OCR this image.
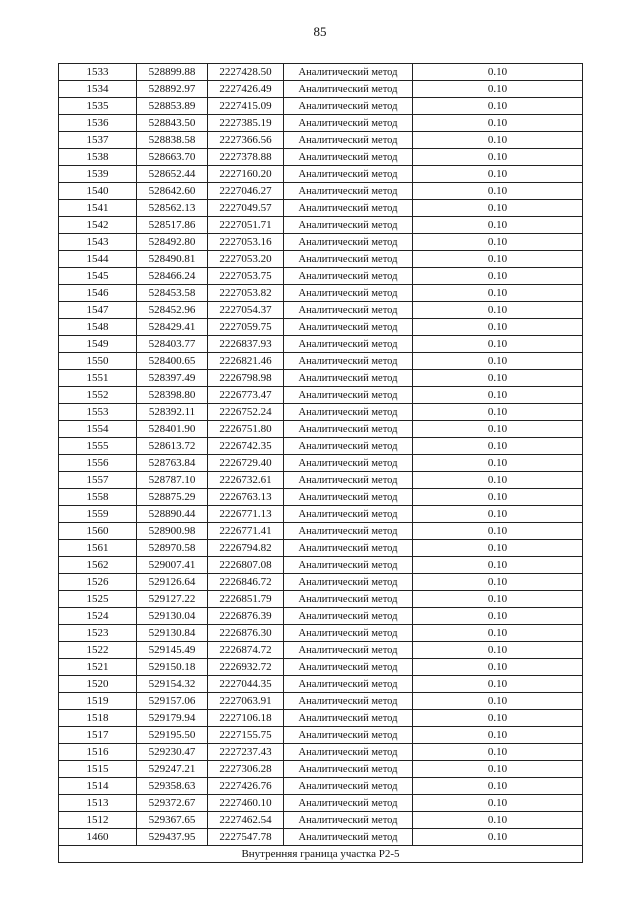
85
1533	528899.88	2227428.50	Аналитический метод	0.10
1534	528892.97	2227426.49	Аналитический метод	0.10
1535	528853.89	2227415.09	Аналитический метод	0.10
1536	528843.50	2227385.19	Аналитический метод	0.10
1537	528838.58	2227366.56	Аналитический метод	0.10
1538	528663.70	2227378.88	Аналитический метод	0.10
1539	528652.44	2227160.20	Аналитический метод	0.10
1540	528642.60	2227046.27	Аналитический метод	0.10
1541	528562.13	2227049.57	Аналитический метод	0.10
1542	528517.86	2227051.71	Аналитический метод	0.10
1543	528492.80	2227053.16	Аналитический метод	0.10
1544	528490.81	2227053.20	Аналитический метод	0.10
1545	528466.24	2227053.75	Аналитический метод	0.10
1546	528453.58	2227053.82	Аналитический метод	0.10
1547	528452.96	2227054.37	Аналитический метод	0.10
1548	528429.41	2227059.75	Аналитический метод	0.10
1549	528403.77	2226837.93	Аналитический метод	0.10
1550	528400.65	2226821.46	Аналитический метод	0.10
1551	528397.49	2226798.98	Аналитический метод	0.10
1552	528398.80	2226773.47	Аналитический метод	0.10
1553	528392.11	2226752.24	Аналитический метод	0.10
1554	528401.90	2226751.80	Аналитический метод	0.10
1555	528613.72	2226742.35	Аналитический метод	0.10
1556	528763.84	2226729.40	Аналитический метод	0.10
1557	528787.10	2226732.61	Аналитический метод	0.10
1558	528875.29	2226763.13	Аналитический метод	0.10
1559	528890.44	2226771.13	Аналитический метод	0.10
1560	528900.98	2226771.41	Аналитический метод	0.10
1561	528970.58	2226794.82	Аналитический метод	0.10
1562	529007.41	2226807.08	Аналитический метод	0.10
1526	529126.64	2226846.72	Аналитический метод	0.10
1525	529127.22	2226851.79	Аналитический метод	0.10
1524	529130.04	2226876.39	Аналитический метод	0.10
1523	529130.84	2226876.30	Аналитический метод	0.10
1522	529145.49	2226874.72	Аналитический метод	0.10
1521	529150.18	2226932.72	Аналитический метод	0.10
1520	529154.32	2227044.35	Аналитический метод	0.10
1519	529157.06	2227063.91	Аналитический метод	0.10
1518	529179.94	2227106.18	Аналитический метод	0.10
1517	529195.50	2227155.75	Аналитический метод	0.10
1516	529230.47	2227237.43	Аналитический метод	0.10
1515	529247.21	2227306.28	Аналитический метод	0.10
1514	529358.63	2227426.76	Аналитический метод	0.10
1513	529372.67	2227460.10	Аналитический метод	0.10
1512	529367.65	2227462.54	Аналитический метод	0.10
1460	529437.95	2227547.78	Аналитический метод	0.10
Внутренняя граница участка Р2-5				
